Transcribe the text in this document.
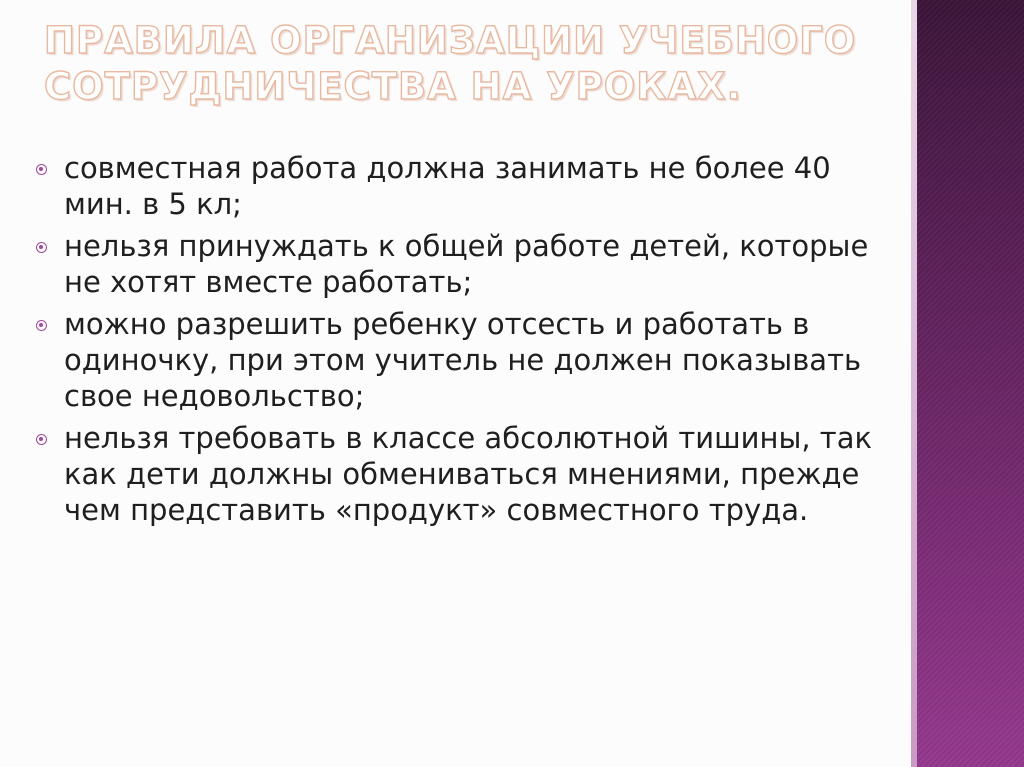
ПРАВИЛА ОРГАНИЗАЦИИ УЧЕБНОГО
СОТРУДНИЧЕСТВА НА УРОКАХ.
совместная работа должна занимать не более 40 мин. в 5 кл;
нельзя принуждать к общей работе детей, которые не хотят вместе работать;
можно разрешить ребенку отсесть и работать в одиночку, при этом учитель не должен показывать свое недовольство;
нельзя требовать в классе абсолютной тишины, так как дети должны обмениваться мнениями, прежде чем представить «продукт» совместного труда.
